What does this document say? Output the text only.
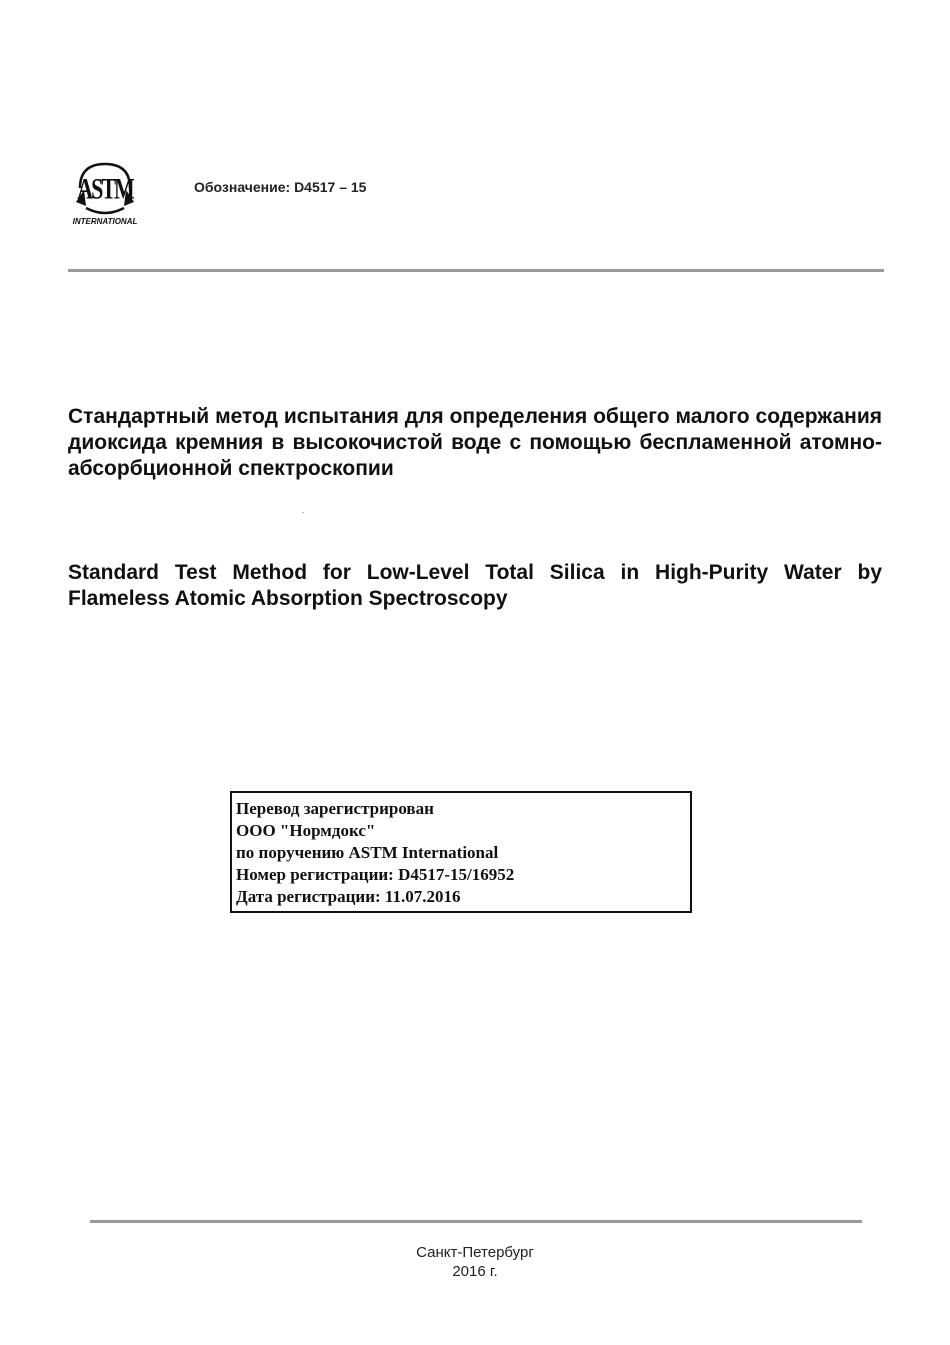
ASTM
INTERNATIONAL
Обозначение: D4517 – 15
Стандартный метод испытания для определения общего малого содержания диоксида кремния в высокочистой воде с помощью беспламенной атомно-абсорбционной спектроскопии
Standard Test Method for Low-Level Total Silica in High-Purity Water by Flameless Atomic Absorption Spectroscopy
Перевод зарегистрирован
ООО "Нормдокс"
по поручению ASTM International
Номер регистрации: D4517-15/16952
Дата регистрации: 11.07.2016
Санкт-Петербург
2016 г.
